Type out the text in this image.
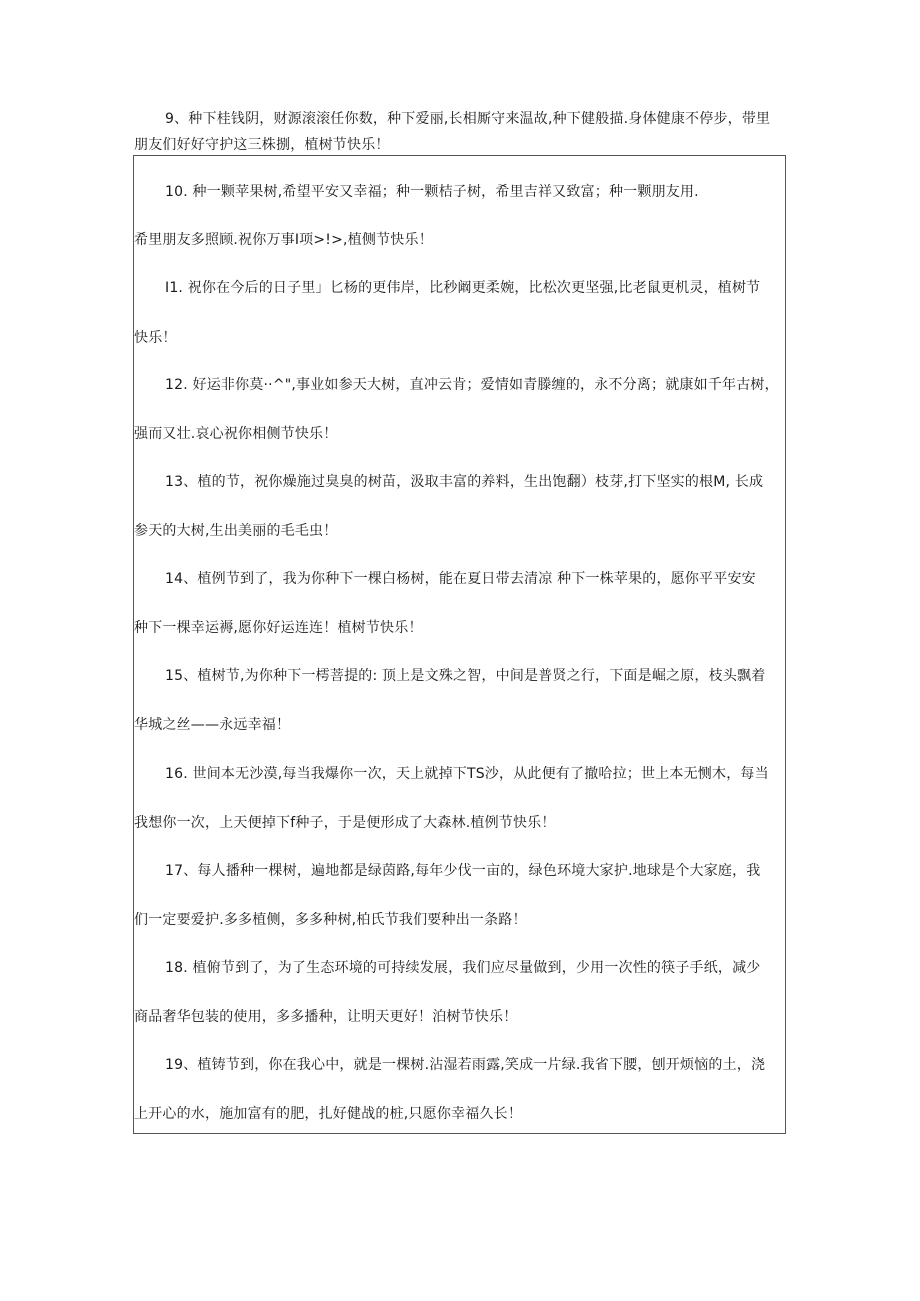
9、种下桂钱阴，财源滚滚任你数，种下爱丽,长相厮守来温故,种下健般描.身体健康不停步，带里
朋友们好好守护这三株捌，植树节快乐！
10. 种一颗苹果树,希望平安又幸福；种一颗桔子树，希里吉祥又致富；种一颗朋友用.
希里朋友多照顾.祝你万事I项>!>,植侧节快乐！
I1. 祝你在今后的日子里」匕杨的更伟岸，比秒阚更柔婉，比松次更坚强,比老鼠更机灵，植树节
快乐！
12. 好运非你莫··^",事业如参天大树，直冲云肯；爱情如青滕缠的，永不分离；就康如千年古树，
强而又壮.哀心祝你相侧节快乐！
13、植的节，祝你燥施过臭臭的树苗，汲取丰富的养料，生出饱翻）枝芽,打下坚实的根M, 长成
参天的大树,生出美丽的毛毛虫！
14、植例节到了，我为你种下一棵白杨树，能在夏日带去清凉 种下一株苹果的，愿你平平安安
种下一棵幸运褥,愿你好运连连！植树节快乐！
15、植树节,为你种下一樗菩提的: 顶上是文殊之智，中间是普贤之行，下面是崛之原，枝头飘着
华城之丝——永远幸福！
16. 世间本无沙漠,每当我爆你一次，天上就掉下TS沙，从此便有了撤哈拉；世上本无恻木，每当
我想你一次，上天便掉下f种子，于是便形成了大森林.植例节快乐！
17、每人播种一棵树，遍地都是绿茵路,每年少伐一亩的，绿色环境大家护.地球是个大家庭，我
们一定要爱护.多多植侧，多多种树,柏氏节我们要种出一条路！
18. 植俯节到了，为了生态环境的可持续发展，我们应尽量做到，少用一次性的筷子手纸，减少
商品奢华包装的使用，多多播种，让明天更好！泊树节快乐！
19、植铸节到，你在我心中，就是一棵树.沾湿若雨露,笑成一片绿.我省下腰，刨开烦恼的土，浇
上开心的水，施加富有的肥，扎好健战的桩,只愿你幸福久长！
